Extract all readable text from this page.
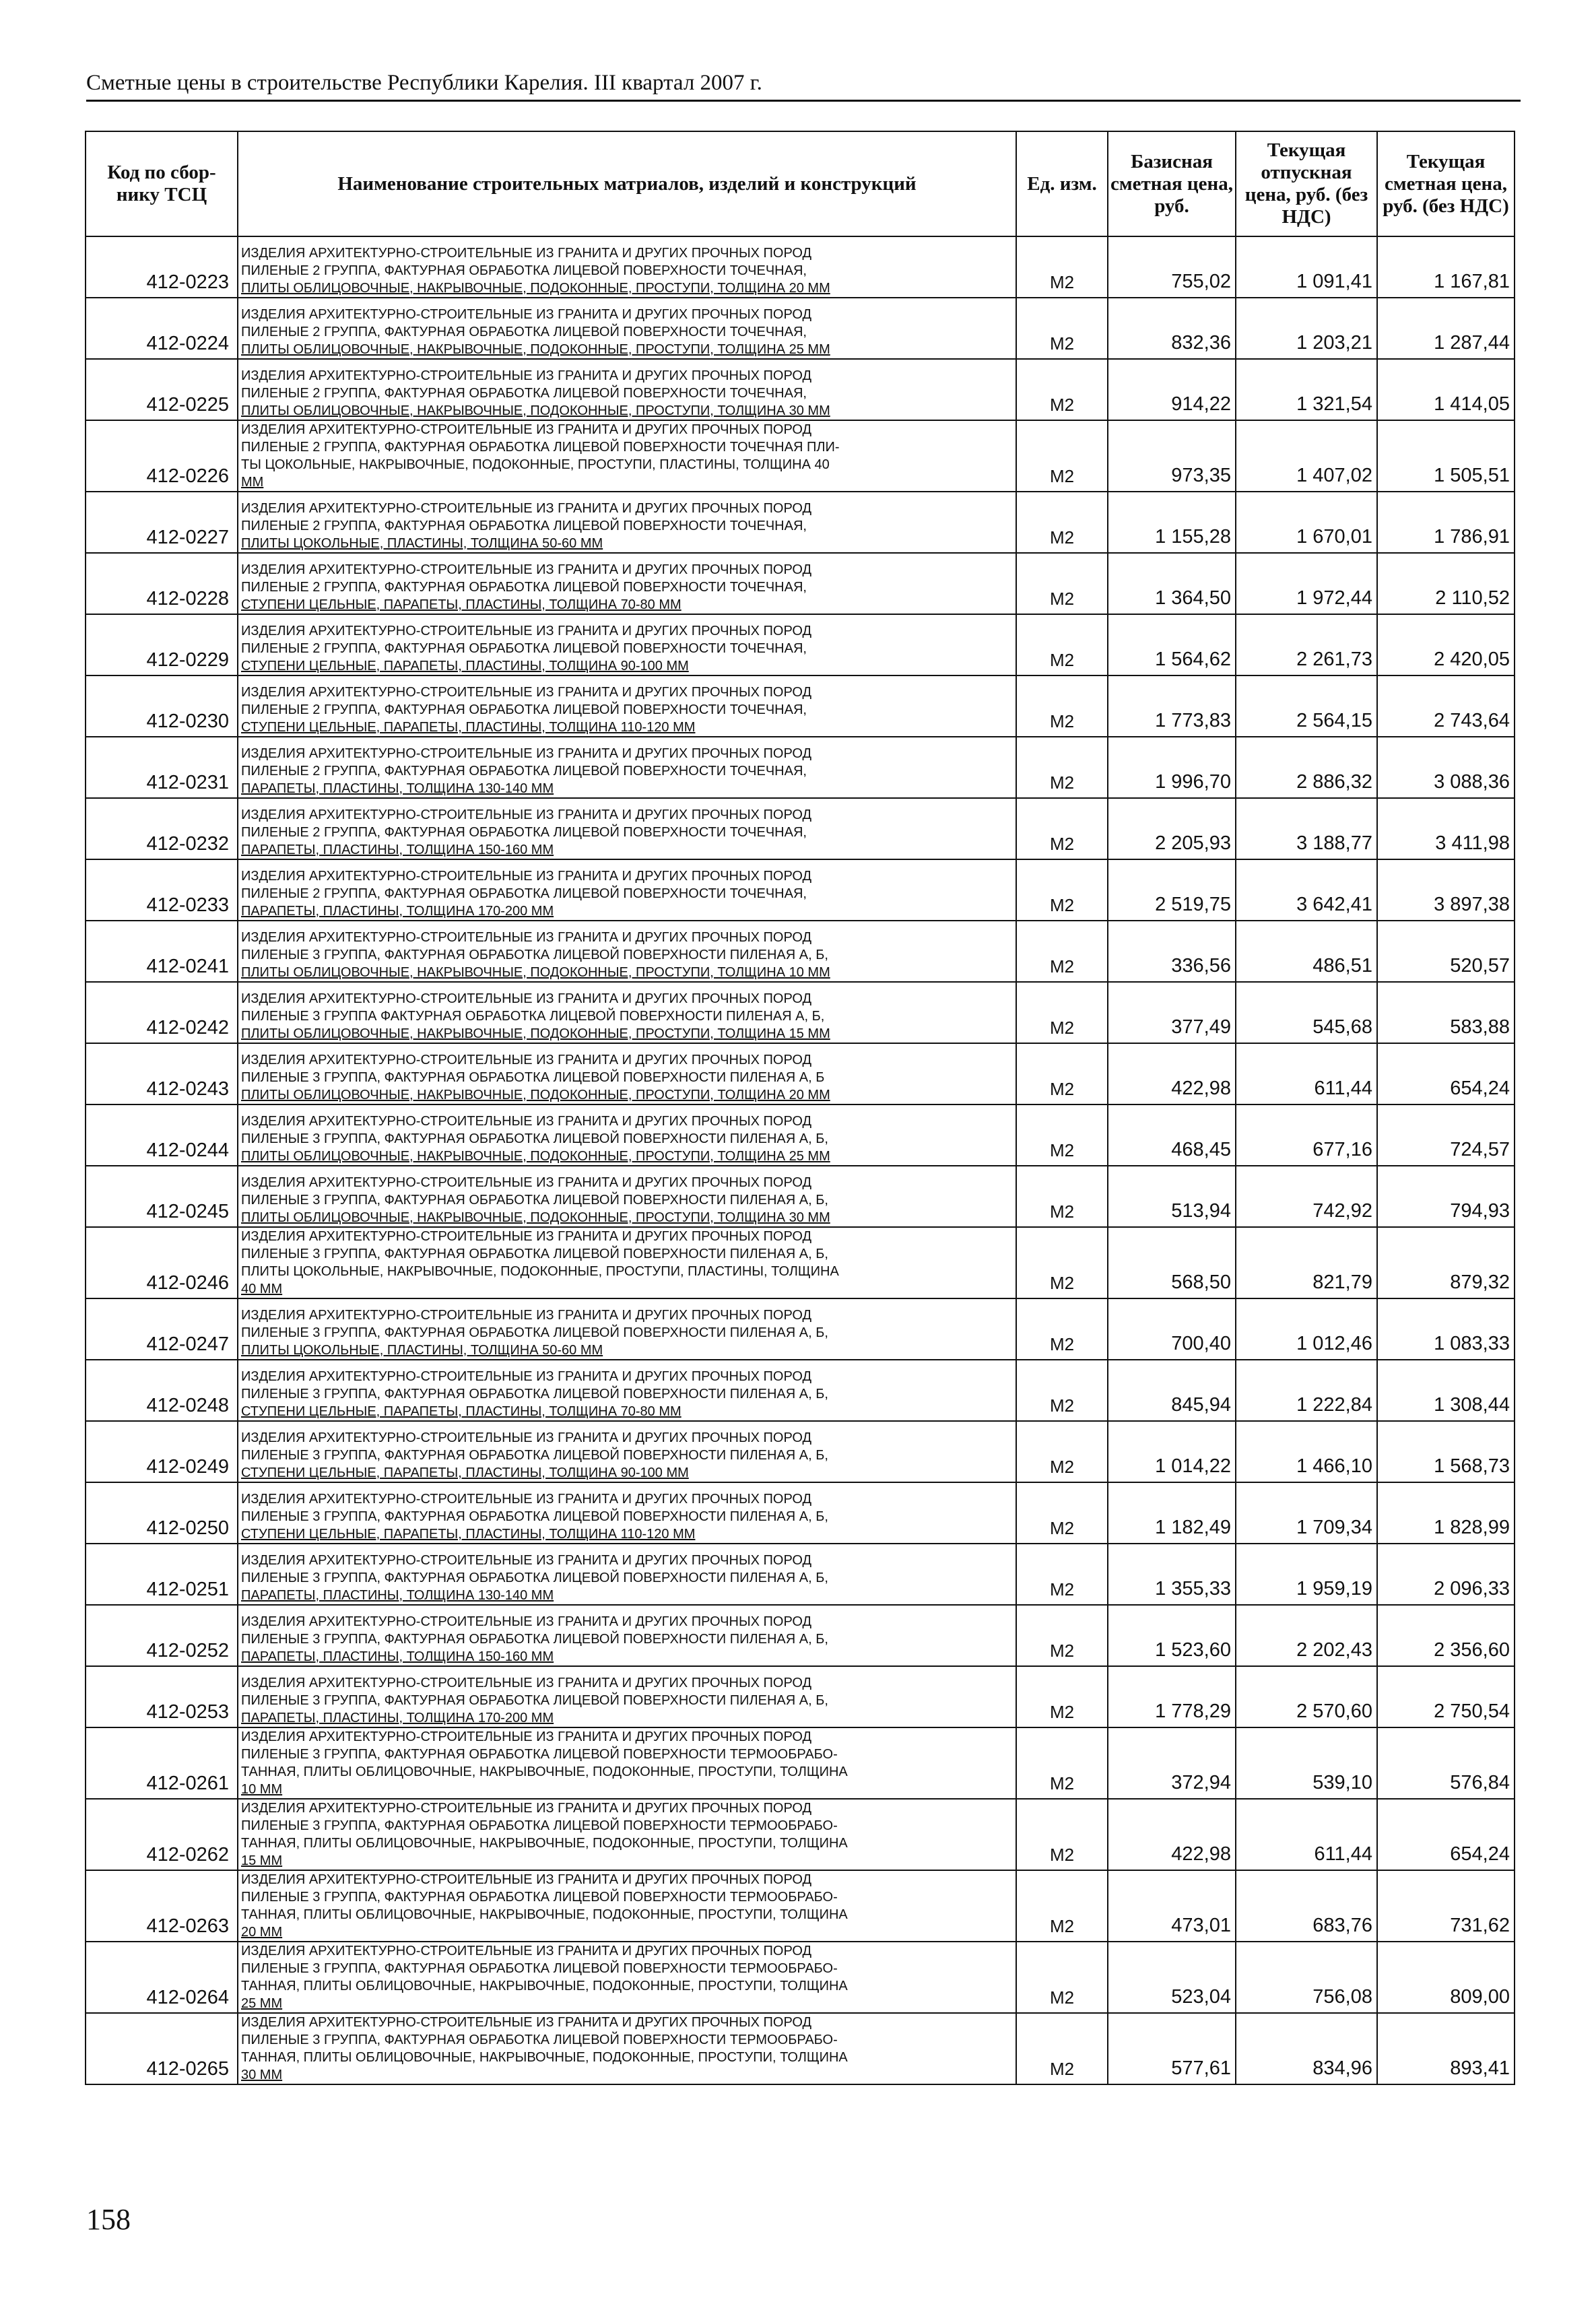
Сметные цены в строительстве Республики Карелия. III квартал 2007 г.
Код по сбор-нику ТСЦ	Наименование строительных матриалов, изделий и конструкций	Ед. изм.	Базисная сметная цена, руб.	Текущая отпускная цена, руб. (без НДС)	Текущая сметная цена, руб. (без НДС)
412-0223	ИЗДЕЛИЯ АРХИТЕКТУРНО-СТРОИТЕЛЬНЫЕ ИЗ ГРАНИТА И ДРУГИХ ПРОЧНЫХ ПОРОД
ПИЛЕНЫЕ 2 ГРУППА, ФАКТУРНАЯ ОБРАБОТКА ЛИЦЕВОЙ ПОВЕРХНОСТИ ТОЧЕЧНАЯ,
ПЛИТЫ ОБЛИЦОВОЧНЫЕ, НАКРЫВОЧНЫЕ, ПОДОКОННЫЕ, ПРОСТУПИ, ТОЛЩИНА 20 ММ	М2	755,02	1 091,41	1 167,81
412-0224	ИЗДЕЛИЯ АРХИТЕКТУРНО-СТРОИТЕЛЬНЫЕ ИЗ ГРАНИТА И ДРУГИХ ПРОЧНЫХ ПОРОД
ПИЛЕНЫЕ 2 ГРУППА, ФАКТУРНАЯ ОБРАБОТКА ЛИЦЕВОЙ ПОВЕРХНОСТИ ТОЧЕЧНАЯ,
ПЛИТЫ ОБЛИЦОВОЧНЫЕ, НАКРЫВОЧНЫЕ, ПОДОКОННЫЕ, ПРОСТУПИ, ТОЛЩИНА 25 ММ	М2	832,36	1 203,21	1 287,44
412-0225	ИЗДЕЛИЯ АРХИТЕКТУРНО-СТРОИТЕЛЬНЫЕ ИЗ ГРАНИТА И ДРУГИХ ПРОЧНЫХ ПОРОД
ПИЛЕНЫЕ 2 ГРУППА, ФАКТУРНАЯ ОБРАБОТКА ЛИЦЕВОЙ ПОВЕРХНОСТИ ТОЧЕЧНАЯ,
ПЛИТЫ ОБЛИЦОВОЧНЫЕ, НАКРЫВОЧНЫЕ, ПОДОКОННЫЕ, ПРОСТУПИ, ТОЛЩИНА 30 ММ	М2	914,22	1 321,54	1 414,05
412-0226	ИЗДЕЛИЯ АРХИТЕКТУРНО-СТРОИТЕЛЬНЫЕ ИЗ ГРАНИТА И ДРУГИХ ПРОЧНЫХ ПОРОД
ПИЛЕНЫЕ 2 ГРУППА, ФАКТУРНАЯ ОБРАБОТКА ЛИЦЕВОЙ ПОВЕРХНОСТИ ТОЧЕЧНАЯ ПЛИ-
ТЫ ЦОКОЛЬНЫЕ, НАКРЫВОЧНЫЕ, ПОДОКОННЫЕ, ПРОСТУПИ, ПЛАСТИНЫ, ТОЛЩИНА 40
ММ	М2	973,35	1 407,02	1 505,51
412-0227	ИЗДЕЛИЯ АРХИТЕКТУРНО-СТРОИТЕЛЬНЫЕ ИЗ ГРАНИТА И ДРУГИХ ПРОЧНЫХ ПОРОД
ПИЛЕНЫЕ 2 ГРУППА, ФАКТУРНАЯ ОБРАБОТКА ЛИЦЕВОЙ ПОВЕРХНОСТИ ТОЧЕЧНАЯ,
ПЛИТЫ ЦОКОЛЬНЫЕ, ПЛАСТИНЫ, ТОЛЩИНА 50-60 ММ	М2	1 155,28	1 670,01	1 786,91
412-0228	ИЗДЕЛИЯ АРХИТЕКТУРНО-СТРОИТЕЛЬНЫЕ ИЗ ГРАНИТА И ДРУГИХ ПРОЧНЫХ ПОРОД
ПИЛЕНЫЕ 2 ГРУППА, ФАКТУРНАЯ ОБРАБОТКА ЛИЦЕВОЙ ПОВЕРХНОСТИ ТОЧЕЧНАЯ,
СТУПЕНИ ЦЕЛЬНЫЕ, ПАРАПЕТЫ, ПЛАСТИНЫ, ТОЛЩИНА 70-80 ММ	М2	1 364,50	1 972,44	2 110,52
412-0229	ИЗДЕЛИЯ АРХИТЕКТУРНО-СТРОИТЕЛЬНЫЕ ИЗ ГРАНИТА И ДРУГИХ ПРОЧНЫХ ПОРОД
ПИЛЕНЫЕ 2 ГРУППА, ФАКТУРНАЯ ОБРАБОТКА ЛИЦЕВОЙ ПОВЕРХНОСТИ ТОЧЕЧНАЯ,
СТУПЕНИ ЦЕЛЬНЫЕ, ПАРАПЕТЫ, ПЛАСТИНЫ, ТОЛЩИНА 90-100 ММ	М2	1 564,62	2 261,73	2 420,05
412-0230	ИЗДЕЛИЯ АРХИТЕКТУРНО-СТРОИТЕЛЬНЫЕ ИЗ ГРАНИТА И ДРУГИХ ПРОЧНЫХ ПОРОД
ПИЛЕНЫЕ 2 ГРУППА, ФАКТУРНАЯ ОБРАБОТКА ЛИЦЕВОЙ ПОВЕРХНОСТИ ТОЧЕЧНАЯ,
СТУПЕНИ ЦЕЛЬНЫЕ, ПАРАПЕТЫ, ПЛАСТИНЫ, ТОЛЩИНА 110-120 ММ	М2	1 773,83	2 564,15	2 743,64
412-0231	ИЗДЕЛИЯ АРХИТЕКТУРНО-СТРОИТЕЛЬНЫЕ ИЗ ГРАНИТА И ДРУГИХ ПРОЧНЫХ ПОРОД
ПИЛЕНЫЕ 2 ГРУППА, ФАКТУРНАЯ ОБРАБОТКА ЛИЦЕВОЙ ПОВЕРХНОСТИ ТОЧЕЧНАЯ,
ПАРАПЕТЫ, ПЛАСТИНЫ, ТОЛЩИНА 130-140 ММ	М2	1 996,70	2 886,32	3 088,36
412-0232	ИЗДЕЛИЯ АРХИТЕКТУРНО-СТРОИТЕЛЬНЫЕ ИЗ ГРАНИТА И ДРУГИХ ПРОЧНЫХ ПОРОД
ПИЛЕНЫЕ 2 ГРУППА, ФАКТУРНАЯ ОБРАБОТКА ЛИЦЕВОЙ ПОВЕРХНОСТИ ТОЧЕЧНАЯ,
ПАРАПЕТЫ, ПЛАСТИНЫ, ТОЛЩИНА 150-160 ММ	М2	2 205,93	3 188,77	3 411,98
412-0233	ИЗДЕЛИЯ АРХИТЕКТУРНО-СТРОИТЕЛЬНЫЕ ИЗ ГРАНИТА И ДРУГИХ ПРОЧНЫХ ПОРОД
ПИЛЕНЫЕ 2 ГРУППА, ФАКТУРНАЯ ОБРАБОТКА ЛИЦЕВОЙ ПОВЕРХНОСТИ ТОЧЕЧНАЯ,
ПАРАПЕТЫ, ПЛАСТИНЫ, ТОЛЩИНА 170-200 ММ	М2	2 519,75	3 642,41	3 897,38
412-0241	ИЗДЕЛИЯ АРХИТЕКТУРНО-СТРОИТЕЛЬНЫЕ ИЗ ГРАНИТА И ДРУГИХ ПРОЧНЫХ ПОРОД
ПИЛЕНЫЕ 3 ГРУППА, ФАКТУРНАЯ ОБРАБОТКА ЛИЦЕВОЙ ПОВЕРХНОСТИ ПИЛЕНАЯ А, Б,
ПЛИТЫ ОБЛИЦОВОЧНЫЕ, НАКРЫВОЧНЫЕ, ПОДОКОННЫЕ, ПРОСТУПИ, ТОЛЩИНА 10 ММ	М2	336,56	486,51	520,57
412-0242	ИЗДЕЛИЯ АРХИТЕКТУРНО-СТРОИТЕЛЬНЫЕ ИЗ ГРАНИТА И ДРУГИХ ПРОЧНЫХ ПОРОД
ПИЛЕНЫЕ 3 ГРУППА ФАКТУРНАЯ ОБРАБОТКА ЛИЦЕВОЙ ПОВЕРХНОСТИ ПИЛЕНАЯ А, Б,
ПЛИТЫ ОБЛИЦОВОЧНЫЕ, НАКРЫВОЧНЫЕ, ПОДОКОННЫЕ, ПРОСТУПИ, ТОЛЩИНА 15 ММ	М2	377,49	545,68	583,88
412-0243	ИЗДЕЛИЯ АРХИТЕКТУРНО-СТРОИТЕЛЬНЫЕ ИЗ ГРАНИТА И ДРУГИХ ПРОЧНЫХ ПОРОД
ПИЛЕНЫЕ 3 ГРУППА, ФАКТУРНАЯ ОБРАБОТКА ЛИЦЕВОЙ ПОВЕРХНОСТИ ПИЛЕНАЯ А, Б
ПЛИТЫ ОБЛИЦОВОЧНЫЕ, НАКРЫВОЧНЫЕ, ПОДОКОННЫЕ, ПРОСТУПИ, ТОЛЩИНА 20 ММ	М2	422,98	611,44	654,24
412-0244	ИЗДЕЛИЯ АРХИТЕКТУРНО-СТРОИТЕЛЬНЫЕ ИЗ ГРАНИТА И ДРУГИХ ПРОЧНЫХ ПОРОД
ПИЛЕНЫЕ 3 ГРУППА, ФАКТУРНАЯ ОБРАБОТКА ЛИЦЕВОЙ ПОВЕРХНОСТИ ПИЛЕНАЯ А, Б,
ПЛИТЫ ОБЛИЦОВОЧНЫЕ, НАКРЫВОЧНЫЕ, ПОДОКОННЫЕ, ПРОСТУПИ, ТОЛЩИНА 25 ММ	М2	468,45	677,16	724,57
412-0245	ИЗДЕЛИЯ АРХИТЕКТУРНО-СТРОИТЕЛЬНЫЕ ИЗ ГРАНИТА И ДРУГИХ ПРОЧНЫХ ПОРОД
ПИЛЕНЫЕ 3 ГРУППА, ФАКТУРНАЯ ОБРАБОТКА ЛИЦЕВОЙ ПОВЕРХНОСТИ ПИЛЕНАЯ А, Б,
ПЛИТЫ ОБЛИЦОВОЧНЫЕ, НАКРЫВОЧНЫЕ, ПОДОКОННЫЕ, ПРОСТУПИ, ТОЛЩИНА 30 ММ	М2	513,94	742,92	794,93
412-0246	ИЗДЕЛИЯ АРХИТЕКТУРНО-СТРОИТЕЛЬНЫЕ ИЗ ГРАНИТА И ДРУГИХ ПРОЧНЫХ ПОРОД
ПИЛЕНЫЕ 3 ГРУППА, ФАКТУРНАЯ ОБРАБОТКА ЛИЦЕВОЙ ПОВЕРХНОСТИ ПИЛЕНАЯ А, Б,
ПЛИТЫ ЦОКОЛЬНЫЕ, НАКРЫВОЧНЫЕ, ПОДОКОННЫЕ, ПРОСТУПИ, ПЛАСТИНЫ, ТОЛЩИНА
40 ММ	М2	568,50	821,79	879,32
412-0247	ИЗДЕЛИЯ АРХИТЕКТУРНО-СТРОИТЕЛЬНЫЕ ИЗ ГРАНИТА И ДРУГИХ ПРОЧНЫХ ПОРОД
ПИЛЕНЫЕ 3 ГРУППА, ФАКТУРНАЯ ОБРАБОТКА ЛИЦЕВОЙ ПОВЕРХНОСТИ ПИЛЕНАЯ А, Б,
ПЛИТЫ ЦОКОЛЬНЫЕ, ПЛАСТИНЫ, ТОЛЩИНА 50-60 ММ	М2	700,40	1 012,46	1 083,33
412-0248	ИЗДЕЛИЯ АРХИТЕКТУРНО-СТРОИТЕЛЬНЫЕ ИЗ ГРАНИТА И ДРУГИХ ПРОЧНЫХ ПОРОД
ПИЛЕНЫЕ 3 ГРУППА, ФАКТУРНАЯ ОБРАБОТКА ЛИЦЕВОЙ ПОВЕРХНОСТИ ПИЛЕНАЯ А, Б,
СТУПЕНИ ЦЕЛЬНЫЕ, ПАРАПЕТЫ, ПЛАСТИНЫ, ТОЛЩИНА 70-80 ММ	М2	845,94	1 222,84	1 308,44
412-0249	ИЗДЕЛИЯ АРХИТЕКТУРНО-СТРОИТЕЛЬНЫЕ ИЗ ГРАНИТА И ДРУГИХ ПРОЧНЫХ ПОРОД
ПИЛЕНЫЕ 3 ГРУППА, ФАКТУРНАЯ ОБРАБОТКА ЛИЦЕВОЙ ПОВЕРХНОСТИ ПИЛЕНАЯ А, Б,
СТУПЕНИ ЦЕЛЬНЫЕ, ПАРАПЕТЫ, ПЛАСТИНЫ, ТОЛЩИНА 90-100 ММ	М2	1 014,22	1 466,10	1 568,73
412-0250	ИЗДЕЛИЯ АРХИТЕКТУРНО-СТРОИТЕЛЬНЫЕ ИЗ ГРАНИТА И ДРУГИХ ПРОЧНЫХ ПОРОД
ПИЛЕНЫЕ 3 ГРУППА, ФАКТУРНАЯ ОБРАБОТКА ЛИЦЕВОЙ ПОВЕРХНОСТИ ПИЛЕНАЯ А, Б,
СТУПЕНИ ЦЕЛЬНЫЕ, ПАРАПЕТЫ, ПЛАСТИНЫ, ТОЛЩИНА 110-120 ММ	М2	1 182,49	1 709,34	1 828,99
412-0251	ИЗДЕЛИЯ АРХИТЕКТУРНО-СТРОИТЕЛЬНЫЕ ИЗ ГРАНИТА И ДРУГИХ ПРОЧНЫХ ПОРОД
ПИЛЕНЫЕ 3 ГРУППА, ФАКТУРНАЯ ОБРАБОТКА ЛИЦЕВОЙ ПОВЕРХНОСТИ ПИЛЕНАЯ А, Б,
ПАРАПЕТЫ, ПЛАСТИНЫ, ТОЛЩИНА 130-140 ММ	М2	1 355,33	1 959,19	2 096,33
412-0252	ИЗДЕЛИЯ АРХИТЕКТУРНО-СТРОИТЕЛЬНЫЕ ИЗ ГРАНИТА И ДРУГИХ ПРОЧНЫХ ПОРОД
ПИЛЕНЫЕ 3 ГРУППА, ФАКТУРНАЯ ОБРАБОТКА ЛИЦЕВОЙ ПОВЕРХНОСТИ ПИЛЕНАЯ А, Б,
ПАРАПЕТЫ, ПЛАСТИНЫ, ТОЛЩИНА 150-160 ММ	М2	1 523,60	2 202,43	2 356,60
412-0253	ИЗДЕЛИЯ АРХИТЕКТУРНО-СТРОИТЕЛЬНЫЕ ИЗ ГРАНИТА И ДРУГИХ ПРОЧНЫХ ПОРОД
ПИЛЕНЫЕ 3 ГРУППА, ФАКТУРНАЯ ОБРАБОТКА ЛИЦЕВОЙ ПОВЕРХНОСТИ ПИЛЕНАЯ А, Б,
ПАРАПЕТЫ, ПЛАСТИНЫ, ТОЛЩИНА 170-200 ММ	М2	1 778,29	2 570,60	2 750,54
412-0261	ИЗДЕЛИЯ АРХИТЕКТУРНО-СТРОИТЕЛЬНЫЕ ИЗ ГРАНИТА И ДРУГИХ ПРОЧНЫХ ПОРОД
ПИЛЕНЫЕ 3 ГРУППА, ФАКТУРНАЯ ОБРАБОТКА ЛИЦЕВОЙ ПОВЕРХНОСТИ ТЕРМООБРАБО-
ТАННАЯ, ПЛИТЫ ОБЛИЦОВОЧНЫЕ, НАКРЫВОЧНЫЕ, ПОДОКОННЫЕ, ПРОСТУПИ, ТОЛЩИНА
10 ММ	М2	372,94	539,10	576,84
412-0262	ИЗДЕЛИЯ АРХИТЕКТУРНО-СТРОИТЕЛЬНЫЕ ИЗ ГРАНИТА И ДРУГИХ ПРОЧНЫХ ПОРОД
ПИЛЕНЫЕ 3 ГРУППА, ФАКТУРНАЯ ОБРАБОТКА ЛИЦЕВОЙ ПОВЕРХНОСТИ ТЕРМООБРАБО-
ТАННАЯ, ПЛИТЫ ОБЛИЦОВОЧНЫЕ, НАКРЫВОЧНЫЕ, ПОДОКОННЫЕ, ПРОСТУПИ, ТОЛЩИНА
15 ММ	М2	422,98	611,44	654,24
412-0263	ИЗДЕЛИЯ АРХИТЕКТУРНО-СТРОИТЕЛЬНЫЕ ИЗ ГРАНИТА И ДРУГИХ ПРОЧНЫХ ПОРОД
ПИЛЕНЫЕ 3 ГРУППА, ФАКТУРНАЯ ОБРАБОТКА ЛИЦЕВОЙ ПОВЕРХНОСТИ ТЕРМООБРАБО-
ТАННАЯ, ПЛИТЫ ОБЛИЦОВОЧНЫЕ, НАКРЫВОЧНЫЕ, ПОДОКОННЫЕ, ПРОСТУПИ, ТОЛЩИНА
20 ММ	М2	473,01	683,76	731,62
412-0264	ИЗДЕЛИЯ АРХИТЕКТУРНО-СТРОИТЕЛЬНЫЕ ИЗ ГРАНИТА И ДРУГИХ ПРОЧНЫХ ПОРОД
ПИЛЕНЫЕ 3 ГРУППА, ФАКТУРНАЯ ОБРАБОТКА ЛИЦЕВОЙ ПОВЕРХНОСТИ ТЕРМООБРАБО-
ТАННАЯ, ПЛИТЫ ОБЛИЦОВОЧНЫЕ, НАКРЫВОЧНЫЕ, ПОДОКОННЫЕ, ПРОСТУПИ, ТОЛЩИНА
25 ММ	М2	523,04	756,08	809,00
412-0265	ИЗДЕЛИЯ АРХИТЕКТУРНО-СТРОИТЕЛЬНЫЕ ИЗ ГРАНИТА И ДРУГИХ ПРОЧНЫХ ПОРОД
ПИЛЕНЫЕ 3 ГРУППА, ФАКТУРНАЯ ОБРАБОТКА ЛИЦЕВОЙ ПОВЕРХНОСТИ ТЕРМООБРАБО-
ТАННАЯ, ПЛИТЫ ОБЛИЦОВОЧНЫЕ, НАКРЫВОЧНЫЕ, ПОДОКОННЫЕ, ПРОСТУПИ, ТОЛЩИНА
30 ММ	М2	577,61	834,96	893,41
158
